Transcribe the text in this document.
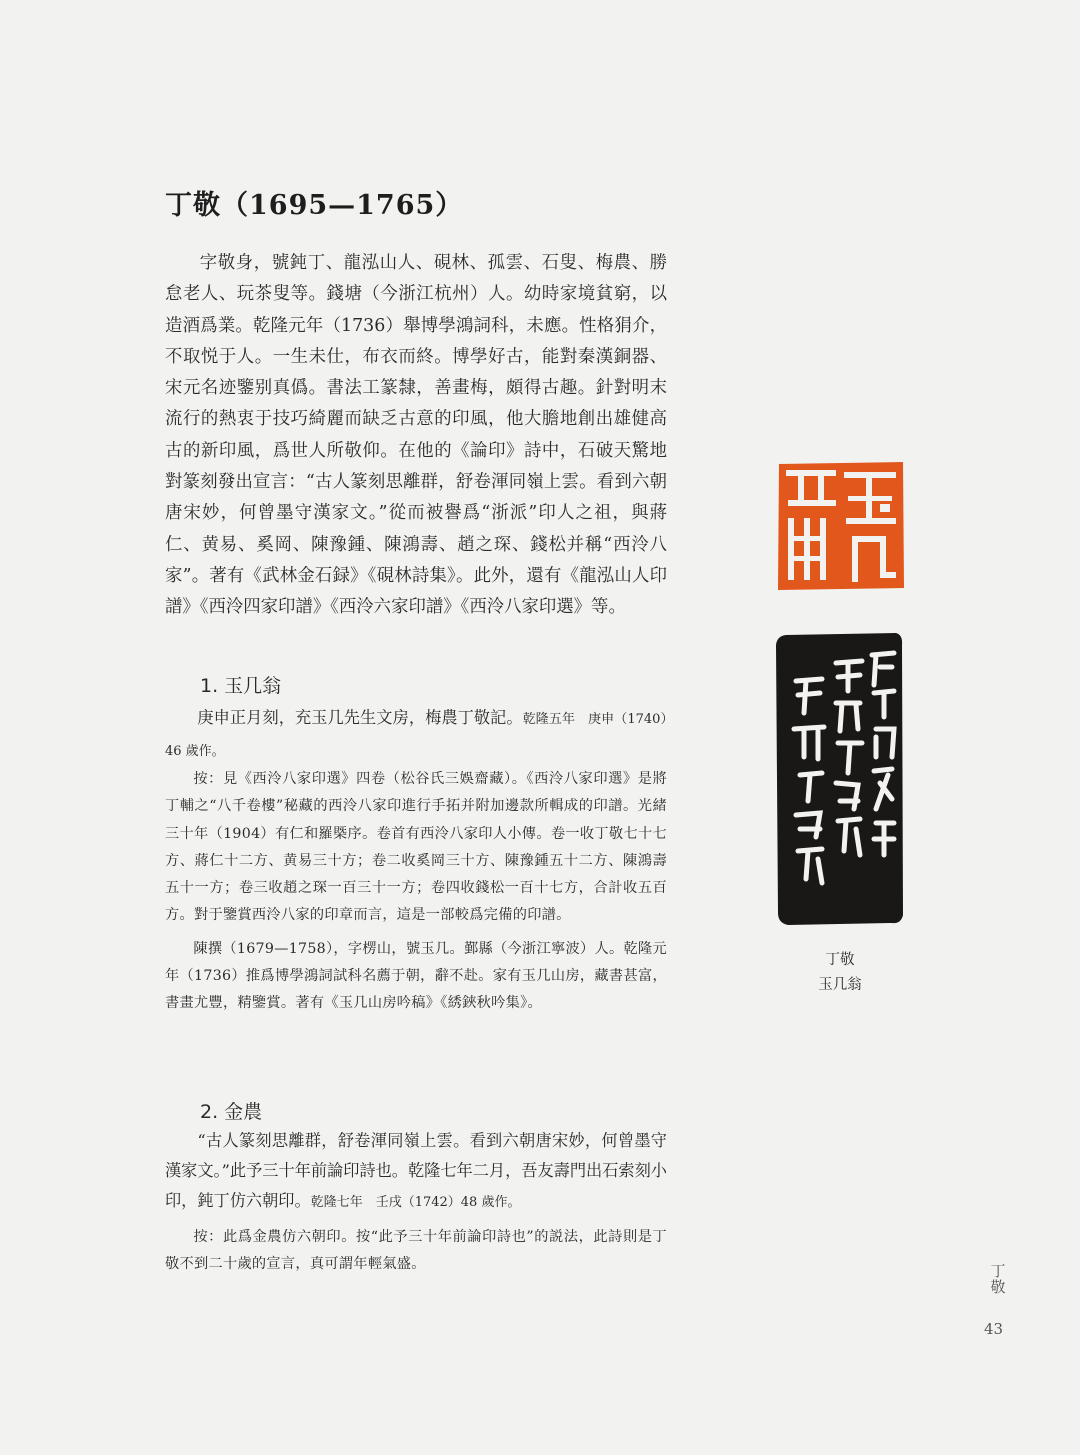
丁敬（1695—1765）

字敬身，號鈍丁、龍泓山人、硯林、孤雲、石叟、梅農、勝怠老人、玩茶叟等。錢塘（今浙江杭州）人。幼時家境貧窮，以造酒爲業。乾隆元年（1736）舉博學鴻詞科，未應。性格狷介，不取悦于人。一生未仕，布衣而終。博學好古，能對秦漢銅器、宋元名迹鑒别真僞。書法工篆隸，善畫梅，頗得古趣。針對明末流行的熱衷于技巧綺麗而缺乏古意的印風，他大膽地創出雄健高古的新印風，爲世人所敬仰。在他的《論印》詩中，石破天驚地對篆刻發出宣言：“古人篆刻思離群，舒卷渾同嶺上雲。看到六朝唐宋妙，何曾墨守漢家文。”從而被譽爲“浙派”印人之祖，與蔣仁、黄易、奚岡、陳豫鍾、陳鴻壽、趙之琛、錢松并稱“西泠八家”。著有《武林金石録》《硯林詩集》。此外，還有《龍泓山人印譜》《西泠四家印譜》《西泠六家印譜》《西泠八家印選》等。

1. 玉几翁

庚申正月刻，充玉几先生文房，梅農丁敬記。乾隆五年　庚申（1740）46 歲作。

按：見《西泠八家印選》四卷（松谷氏三娛齋藏）。《西泠八家印選》是將丁輔之“八千卷樓”秘藏的西泠八家印進行手拓并附加邊款所輯成的印譜。光緒三十年（1904）有仁和羅槩序。卷首有西泠八家印人小傳。卷一收丁敬七十七方、蔣仁十二方、黄易三十方；卷二收奚岡三十方、陳豫鍾五十二方、陳鴻壽五十一方；卷三收趙之琛一百三十一方；卷四收錢松一百十七方，合計收五百方。對于鑒賞西泠八家的印章而言，這是一部較爲完備的印譜。

陳撰（1679—1758），字楞山，號玉几。鄞縣（今浙江寧波）人。乾隆元年（1736）推爲博學鴻詞試科名薦于朝，辭不赴。家有玉几山房，藏書甚富，書畫尤豐，精鑒賞。著有《玉几山房吟稿》《綉鋏秋吟集》。

2. 金農

“古人篆刻思離群，舒卷渾同嶺上雲。看到六朝唐宋妙，何曾墨守漢家文。”此予三十年前論印詩也。乾隆七年二月，吾友壽門出石索刻小印，鈍丁仿六朝印。乾隆七年　壬戌（1742）48 歲作。

按：此爲金農仿六朝印。按“此予三十年前論印詩也”的説法，此詩則是丁敬不到二十歲的宣言，真可謂年輕氣盛。

丁敬
玉几翁
丁敬
43
